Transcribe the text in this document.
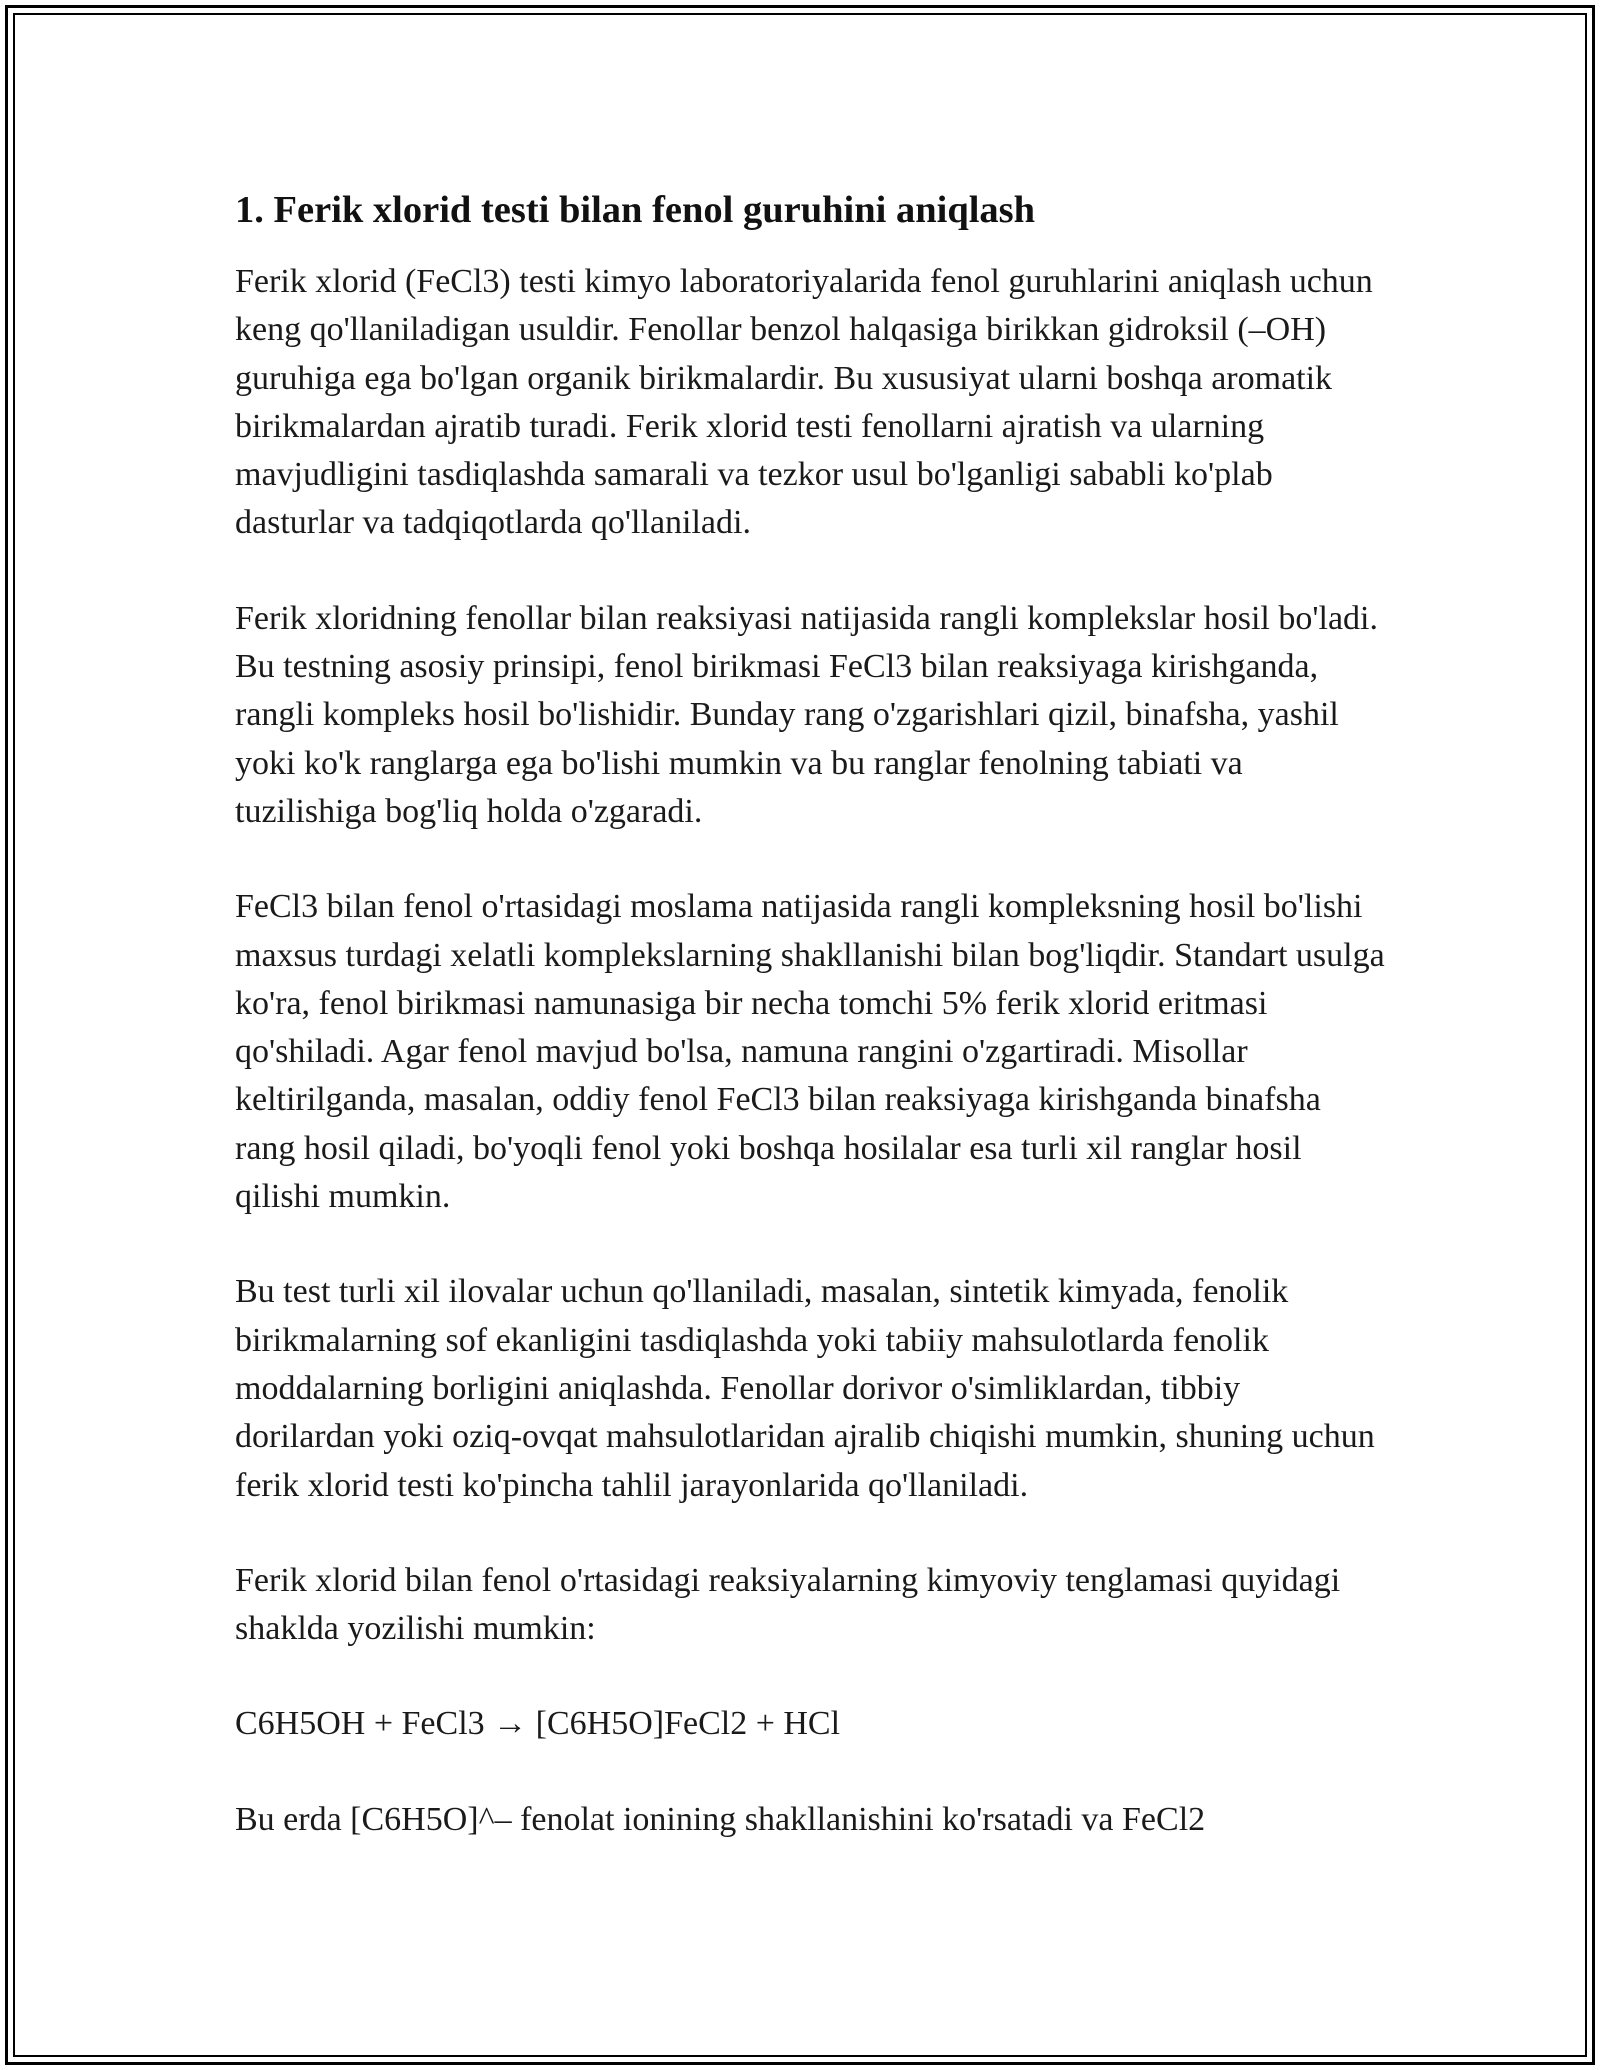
1. Ferik xlorid testi bilan fenol guruhini aniqlash

Ferik xlorid (FeCl3) testi kimyo laboratoriyalarida fenol guruhlarini aniqlash uchun keng qo'llaniladigan usuldir. Fenollar benzol halqasiga birikkan gidroksil (–OH) guruhiga ega bo'lgan organik birikmalardir. Bu xususiyat ularni boshqa aromatik birikmalardan ajratib turadi. Ferik xlorid testi fenollarni ajratish va ularning mavjudligini tasdiqlashda samarali va tezkor usul bo'lganligi sababli ko'plab dasturlar va tadqiqotlarda qo'llaniladi.

Ferik xloridning fenollar bilan reaksiyasi natijasida rangli komplekslar hosil bo'ladi. Bu testning asosiy prinsipi, fenol birikmasi FeCl3 bilan reaksiyaga kirishganda, rangli kompleks hosil bo'lishidir. Bunday rang o'zgarishlari qizil, binafsha, yashil yoki ko'k ranglarga ega bo'lishi mumkin va bu ranglar fenolning tabiati va tuzilishiga bog'liq holda o'zgaradi.

FeCl3 bilan fenol o'rtasidagi moslama natijasida rangli kompleksning hosil bo'lishi maxsus turdagi xelatli komplekslarning shakllanishi bilan bog'liqdir. Standart usulga ko'ra, fenol birikmasi namunasiga bir necha tomchi 5% ferik xlorid eritmasi qo'shiladi. Agar fenol mavjud bo'lsa, namuna rangini o'zgartiradi. Misollar keltirilganda, masalan, oddiy fenol FeCl3 bilan reaksiyaga kirishganda binafsha rang hosil qiladi, bo'yoqli fenol yoki boshqa hosilalar esa turli xil ranglar hosil qilishi mumkin.

Bu test turli xil ilovalar uchun qo'llaniladi, masalan, sintetik kimyada, fenolik birikmalarning sof ekanligini tasdiqlashda yoki tabiiy mahsulotlarda fenolik moddalarning borligini aniqlashda. Fenollar dorivor o'simliklardan, tibbiy dorilardan yoki oziq-ovqat mahsulotlaridan ajralib chiqishi mumkin, shuning uchun ferik xlorid testi ko'pincha tahlil jarayonlarida qo'llaniladi.

Ferik xlorid bilan fenol o'rtasidagi reaksiyalarning kimyoviy tenglamasi quyidagi shaklda yozilishi mumkin:

C6H5OH + FeCl3 → [C6H5O]FeCl2 + HCl

Bu erda [C6H5O]^– fenolat ionining shakllanishini ko'rsatadi va FeCl2
